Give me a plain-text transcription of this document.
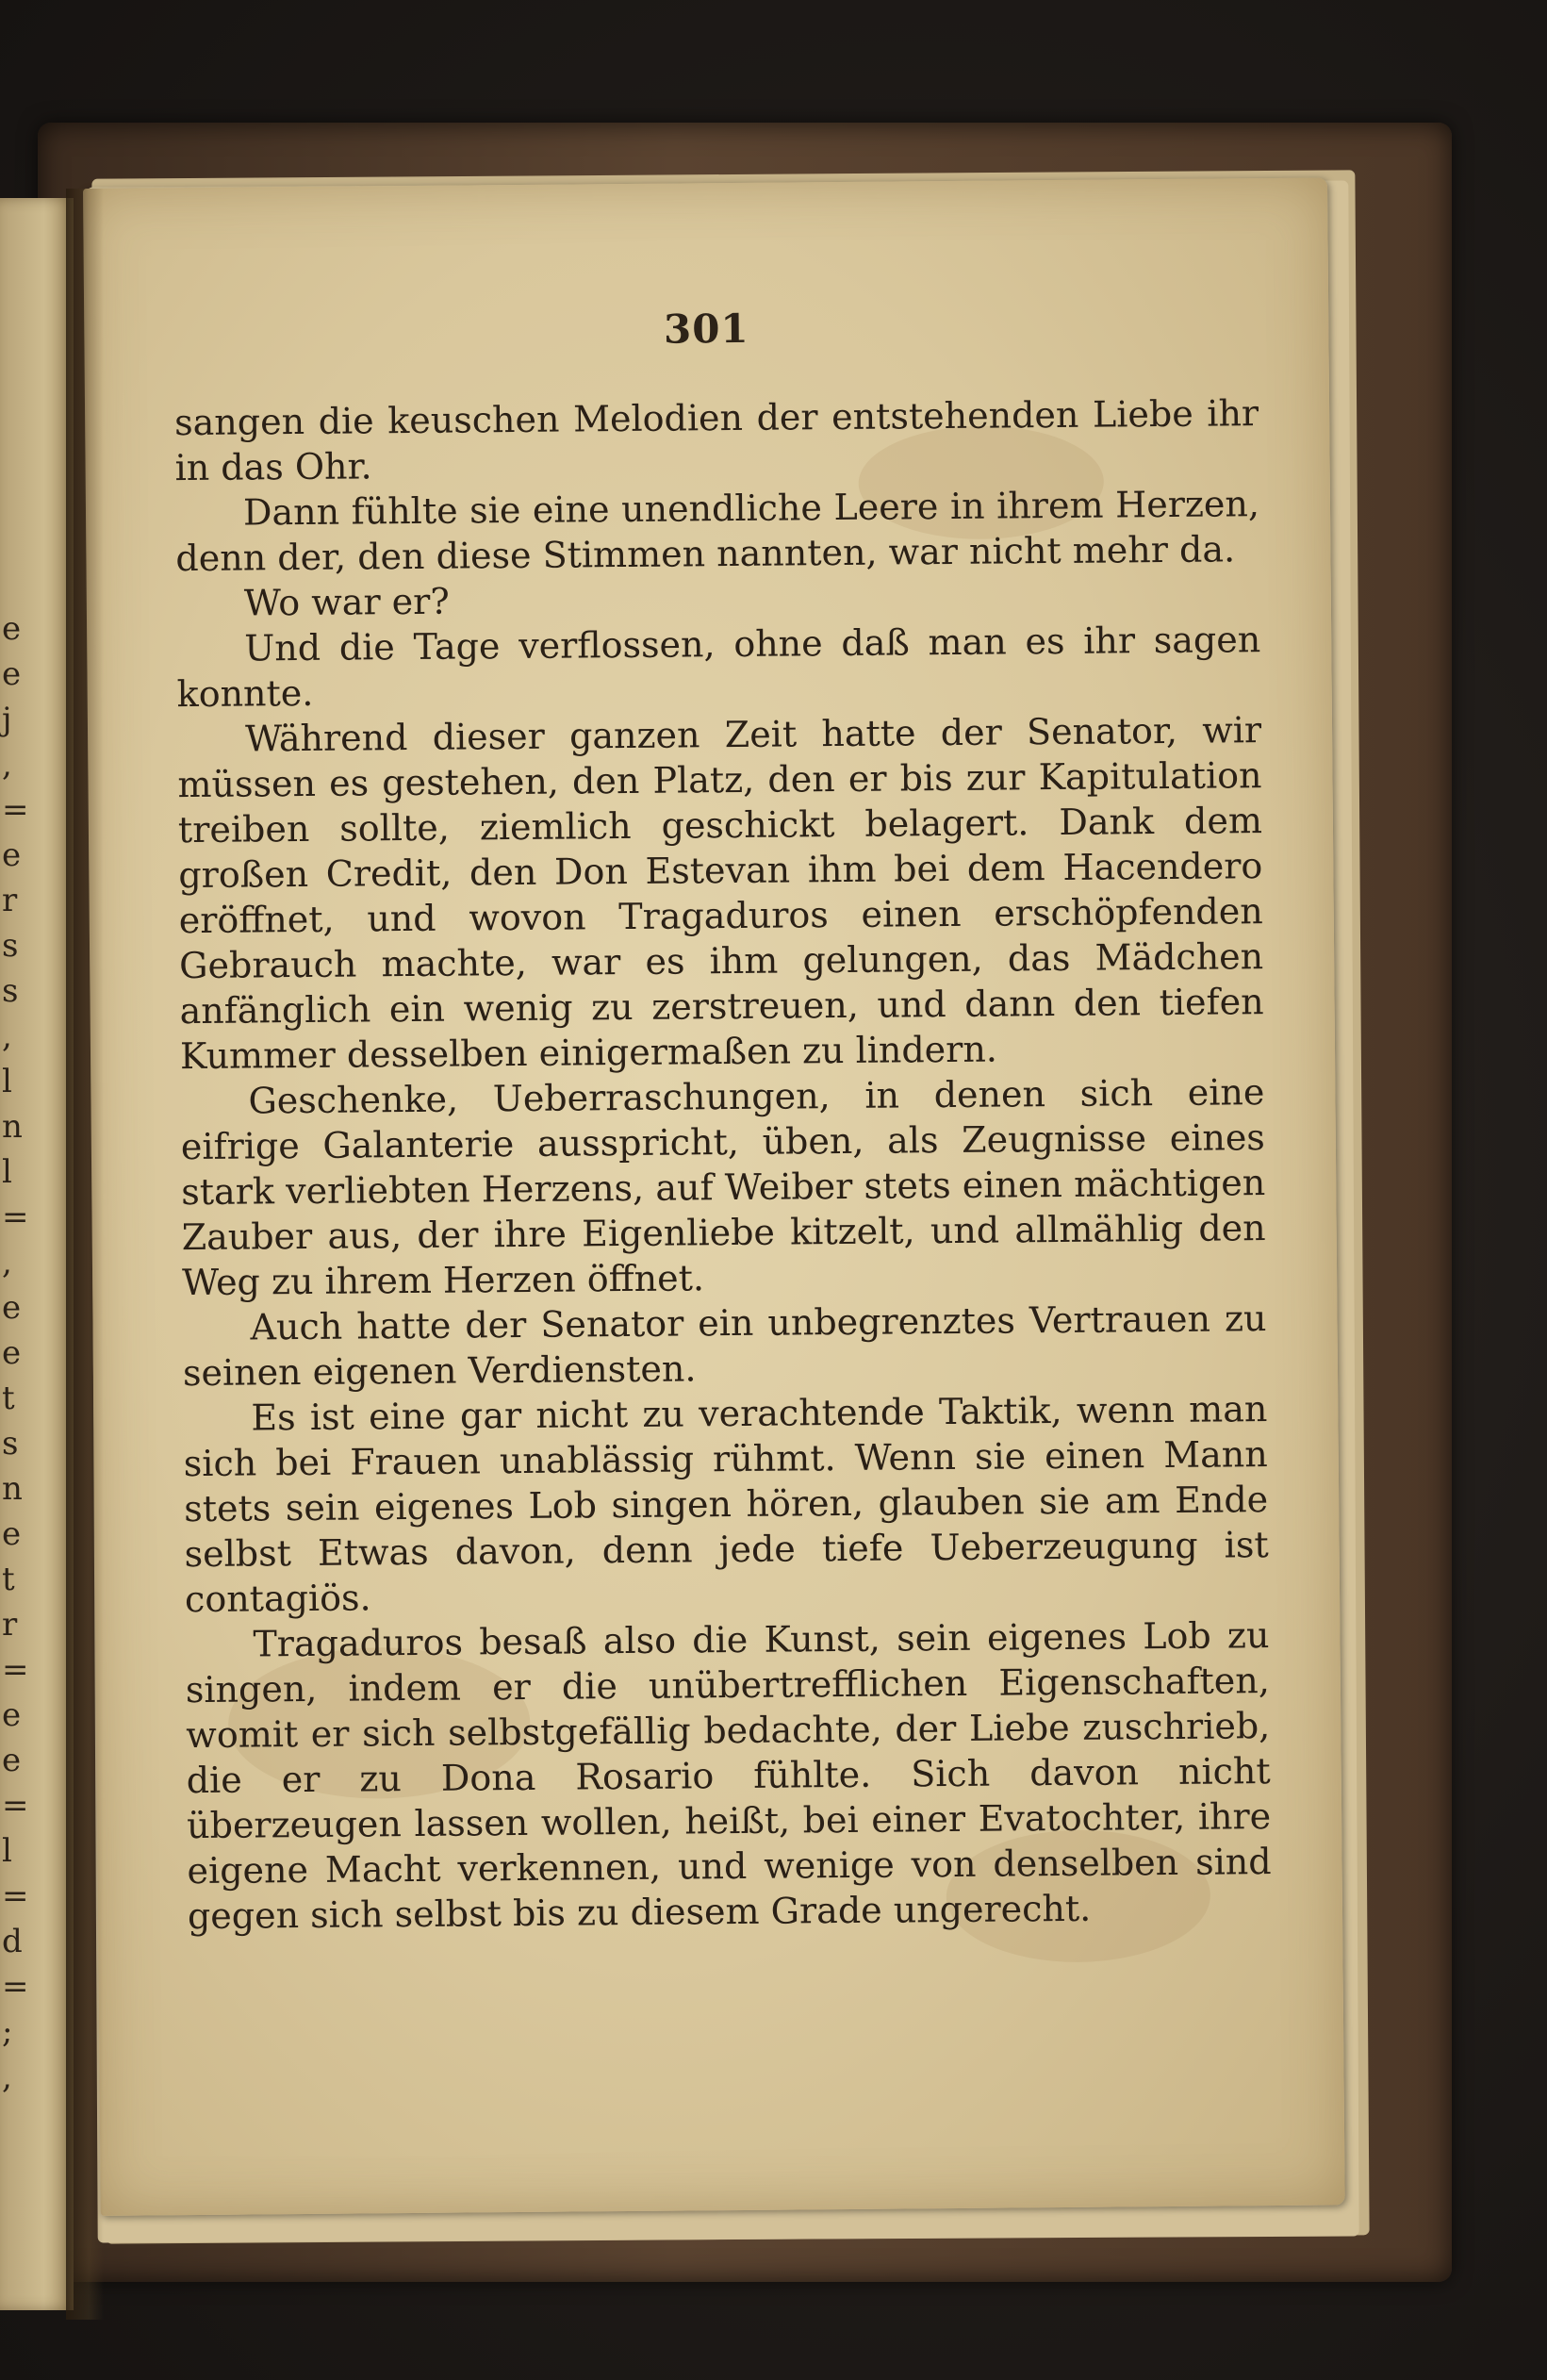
e
e
j
,
=
e
r
s
s
,
l
n
l
=
,
e
e
t
s
n
e
t
r
=
e
e
=
l
=
d
=
;
,
301

sangen die keuschen Melodien der entstehenden Liebe ihr in das Ohr.

Dann fühlte sie eine unendliche Leere in ihrem Herzen, denn der, den diese Stimmen nannten, war nicht mehr da.

Wo war er?

Und die Tage verflossen, ohne daß man es ihr sagen konnte.

Während dieser ganzen Zeit hatte der Senator, wir müssen es gestehen, den Platz, den er bis zur Kapitulation treiben sollte, ziemlich geschickt belagert. Dank dem großen Credit, den Don Estevan ihm bei dem Hacendero eröffnet, und wovon Tragaduros einen erschöpfenden Gebrauch machte, war es ihm gelungen, das Mädchen anfänglich ein wenig zu zerstreuen, und dann den tiefen Kummer desselben einigermaßen zu lindern.

Geschenke, Ueberraschungen, in denen sich eine eifrige Galanterie ausspricht, üben, als Zeugnisse eines stark verliebten Herzens, auf Weiber stets einen mächtigen Zauber aus, der ihre Eigenliebe kitzelt, und allmählig den Weg zu ihrem Herzen öffnet.

Auch hatte der Senator ein unbegrenztes Vertrauen zu seinen eigenen Verdiensten.

Es ist eine gar nicht zu verachtende Taktik, wenn man sich bei Frauen unablässig rühmt. Wenn sie einen Mann stets sein eigenes Lob singen hören, glauben sie am Ende selbst Etwas davon, denn jede tiefe Ueberzeugung ist contagiös.

Tragaduros besaß also die Kunst, sein eigenes Lob zu singen, indem er die unübertrefflichen Eigenschaften, womit er sich selbstgefällig bedachte, der Liebe zuschrieb, die er zu Dona Rosario fühlte. Sich davon nicht überzeugen lassen wollen, heißt, bei einer Evatochter, ihre eigene Macht verkennen, und wenige von denselben sind gegen sich selbst bis zu diesem Grade ungerecht.
